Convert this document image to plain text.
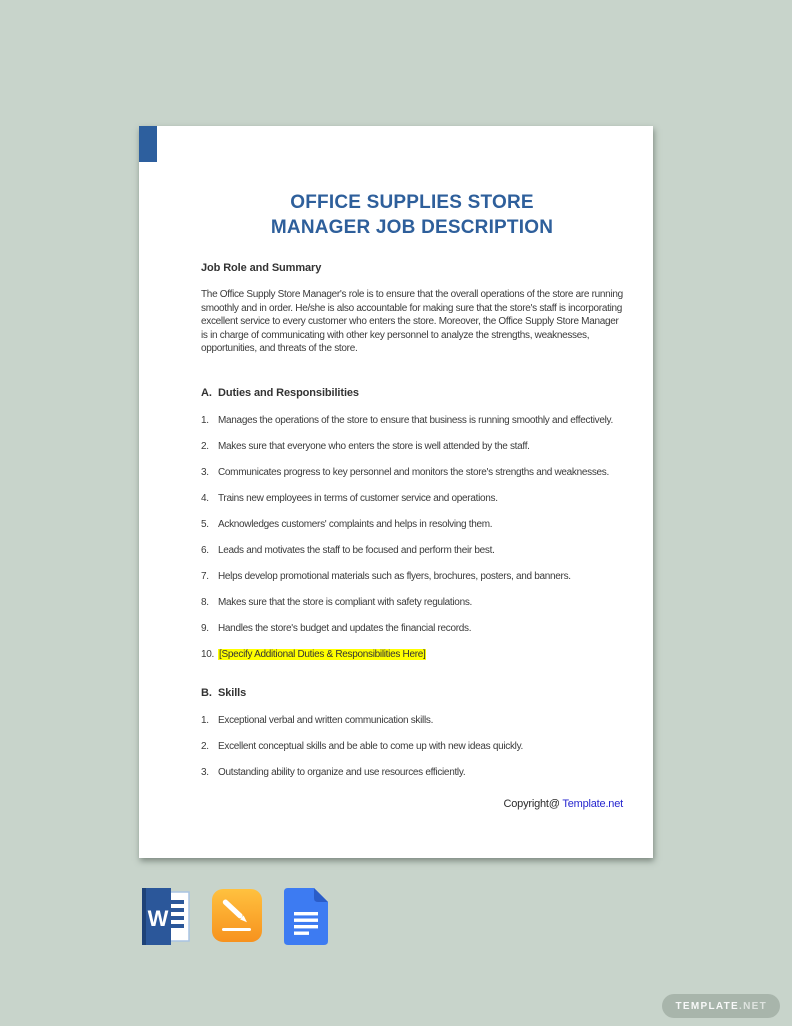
OFFICE SUPPLIES STORE
MANAGER JOB DESCRIPTION
Job Role and Summary

The Office Supply Store Manager's role is to ensure that the overall operations of the store are running smoothly and in order. He/she is also accountable for making sure that the store's staff is incorporating excellent service to every customer who enters the store. Moreover, the Office Supply Store Manager is in charge of communicating with other key personnel to analyze the strengths, weaknesses, opportunities, and threats of the store.

A. Duties and Responsibilities
1. Manages the operations of the store to ensure that business is running smoothly and effectively.
2. Makes sure that everyone who enters the store is well attended by the staff.
3. Communicates progress to key personnel and monitors the store's strengths and weaknesses.
4. Trains new employees in terms of customer service and operations.
5. Acknowledges customers' complaints and helps in resolving them.
6. Leads and motivates the staff to be focused and perform their best.
7. Helps develop promotional materials such as flyers, brochures, posters, and banners.
8. Makes sure that the store is compliant with safety regulations.
9. Handles the store's budget and updates the financial records.
10. [Specify Additional Duties & Responsibilities Here]
B. Skills
1. Exceptional verbal and written communication skills.
2. Excellent conceptual skills and be able to come up with new ideas quickly.
3. Outstanding ability to organize and use resources efficiently.
Copyright@ Template.net
W
TEMPLATE .NET
